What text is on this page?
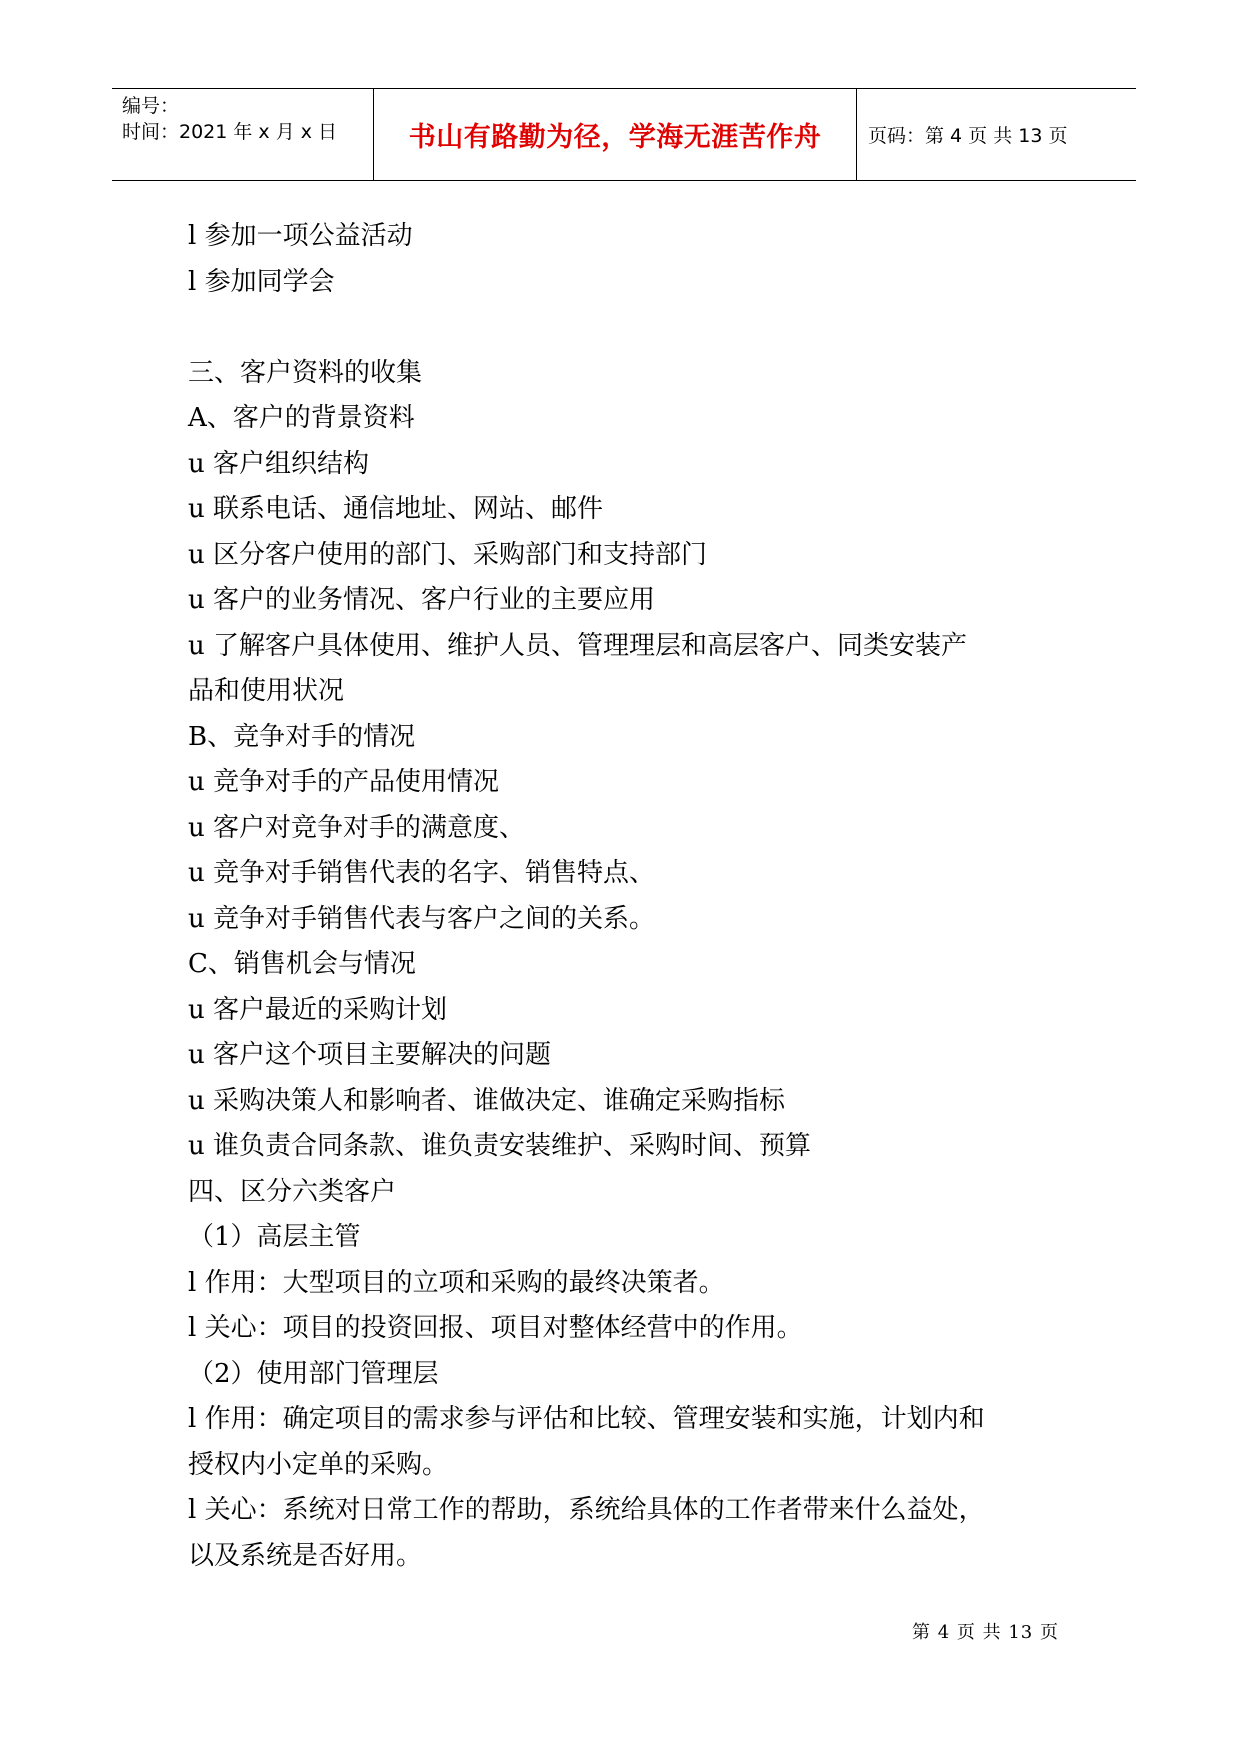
编号：
时间：2021 年 x 月 x 日	书山有路勤为径，学海无涯苦作舟	页码：第 4 页 共 13 页
l 参加一项公益活动
l 参加同学会
三、客户资料的收集
A、客户的背景资料
u 客户组织结构
u 联系电话、通信地址、网站、邮件
u 区分客户使用的部门、采购部门和支持部门
u 客户的业务情况、客户行业的主要应用
u 了解客户具体使用、维护人员、管理理层和高层客户、同类安装产
品和使用状况
B、竞争对手的情况
u 竞争对手的产品使用情况
u 客户对竞争对手的满意度、
u 竞争对手销售代表的名字、销售特点、
u 竞争对手销售代表与客户之间的关系。
C、销售机会与情况
u 客户最近的采购计划
u 客户这个项目主要解决的问题
u 采购决策人和影响者、谁做决定、谁确定采购指标
u 谁负责合同条款、谁负责安装维护、采购时间、预算
四、区分六类客户
（1）高层主管
l 作用：大型项目的立项和采购的最终决策者。
l 关心：项目的投资回报、项目对整体经营中的作用。
（2）使用部门管理层
l 作用：确定项目的需求参与评估和比较、管理安装和实施，计划内和
授权内小定单的采购。
l 关心：系统对日常工作的帮助，系统给具体的工作者带来什么益处，
以及系统是否好用。
第 4 页 共 13 页
